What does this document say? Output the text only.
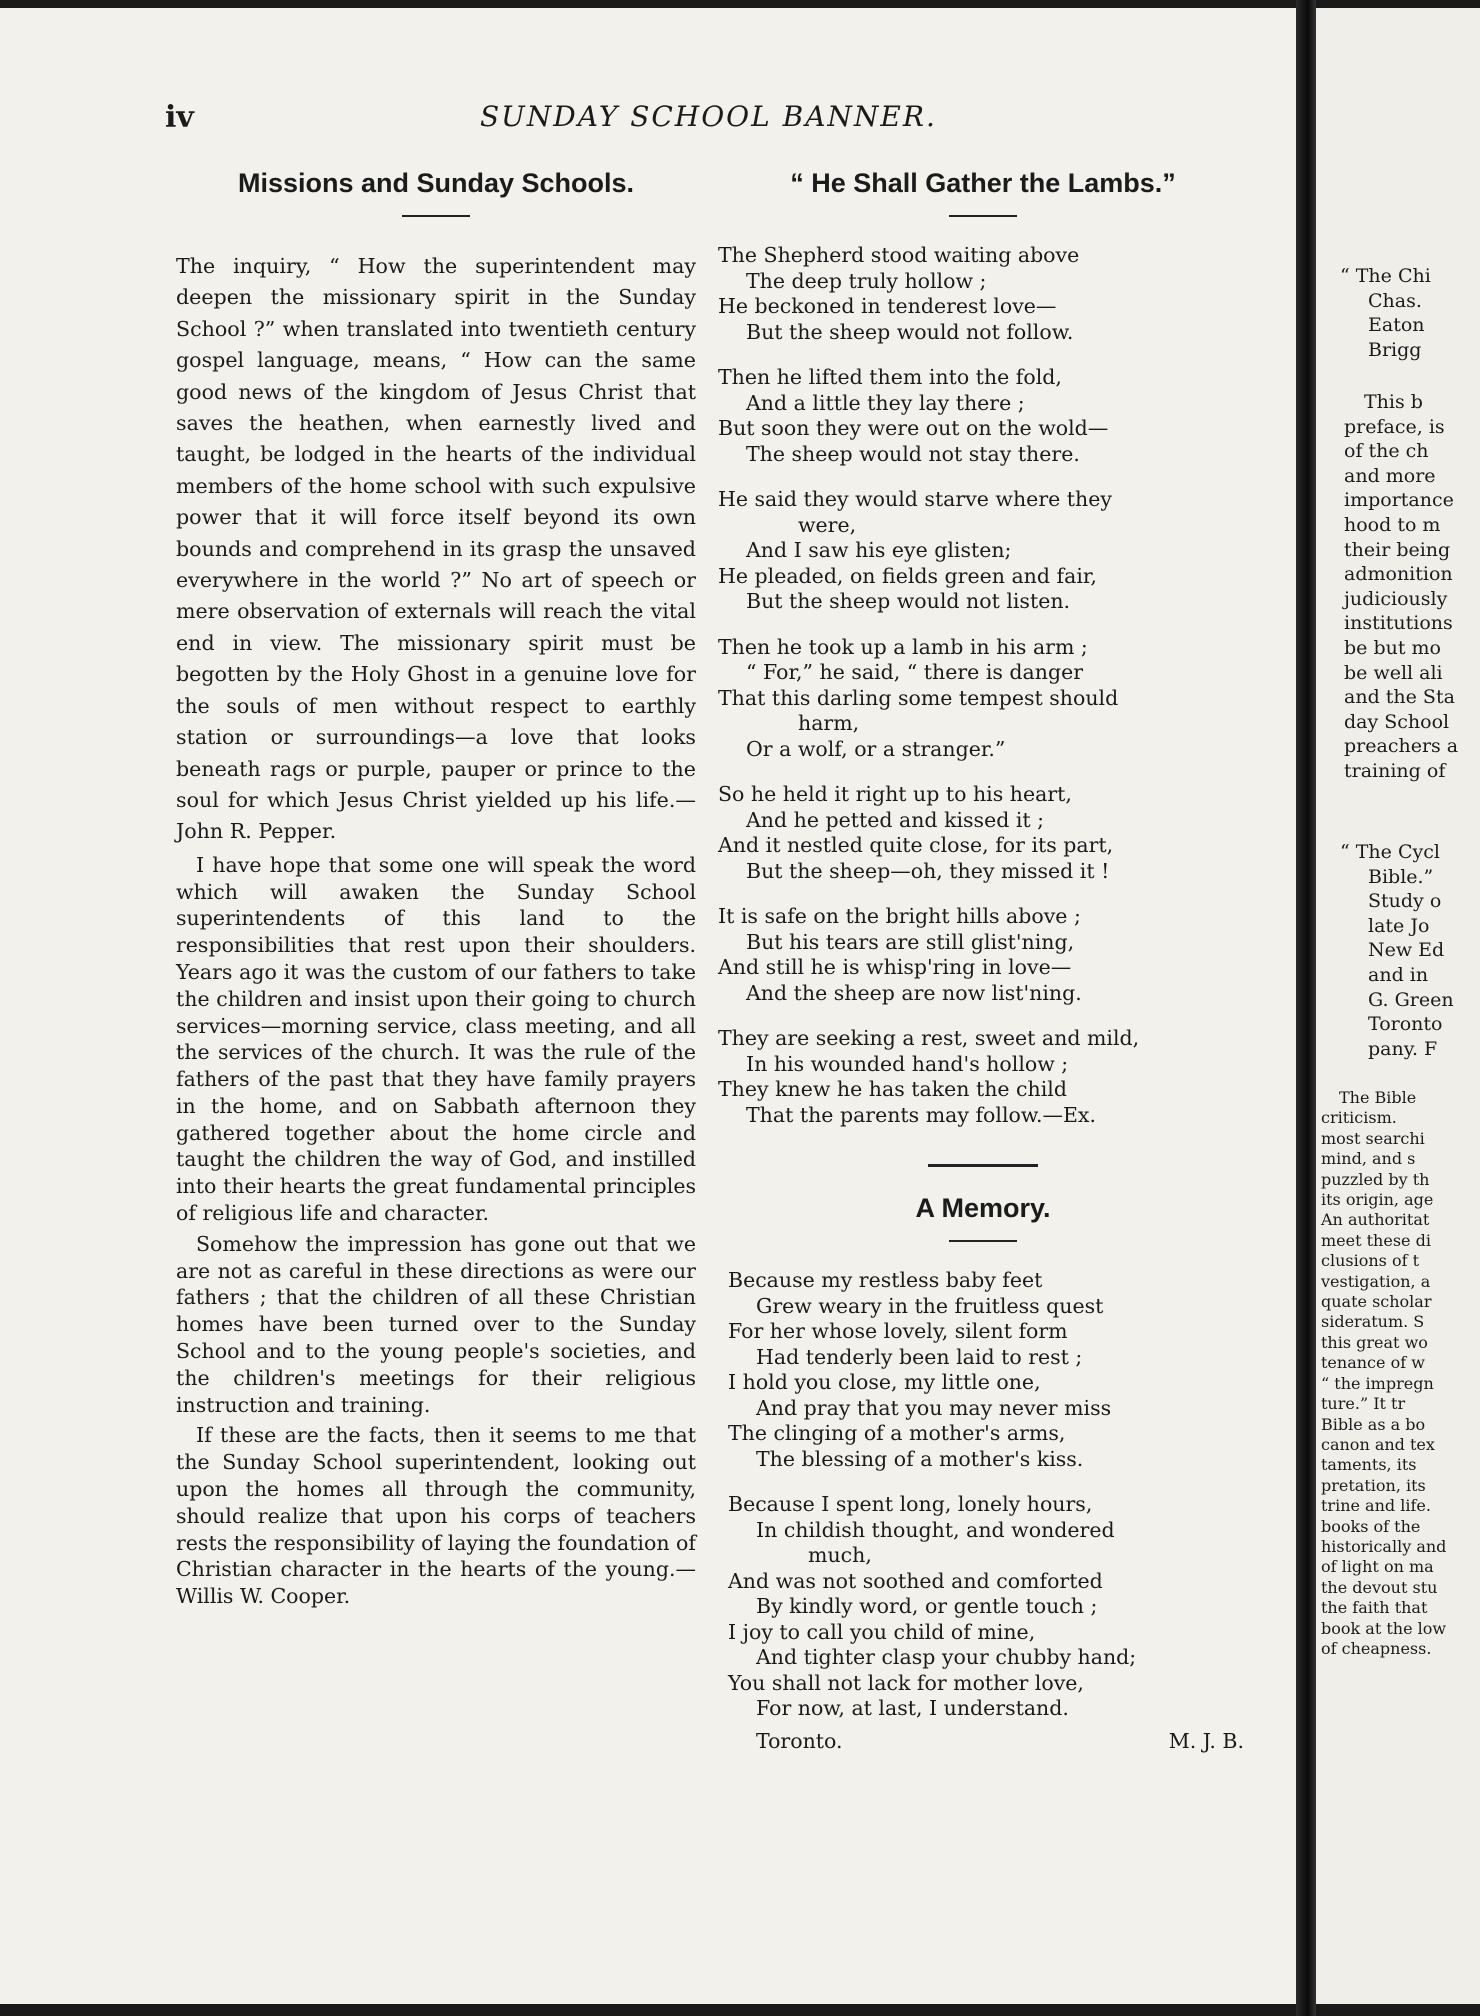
iv	SUNDAY SCHOOL BANNER.
Missions and Sunday Schools.

The inquiry, “ How the superintendent may deepen the missionary spirit in the Sunday School ?” when translated into twentieth century gospel language, means, “ How can the same good news of the kingdom of Jesus Christ that saves the heathen, when earnestly lived and taught, be lodged in the hearts of the individual members of the home school with such expulsive power that it will force itself beyond its own bounds and comprehend in its grasp the unsaved everywhere in the world ?” No art of speech or mere observation of externals will reach the vital end in view. The missionary spirit must be begotten by the Holy Ghost in a genuine love for the souls of men without respect to earthly station or surroundings—a love that looks beneath rags or purple, pauper or prince to the soul for which Jesus Christ yielded up his life.—John R. Pepper.

I have hope that some one will speak the word which will awaken the Sunday School superintendents of this land to the responsibilities that rest upon their shoulders. Years ago it was the custom of our fathers to take the children and insist upon their going to church services—morning service, class meeting, and all the services of the church. It was the rule of the fathers of the past that they have family prayers in the home, and on Sabbath afternoon they gathered together about the home circle and taught the children the way of God, and instilled into their hearts the great fundamental principles of religious life and character.

Somehow the impression has gone out that we are not as careful in these directions as were our fathers ; that the children of all these Christian homes have been turned over to the Sunday School and to the young people's societies, and the children's meetings for their religious instruction and training.

If these are the facts, then it seems to me that the Sunday School superintendent, looking out upon the homes all through the community, should realize that upon his corps of teachers rests the responsibility of laying the foundation of Christian character in the hearts of the young.—Willis W. Cooper.

“ He Shall Gather the Lambs.”
The Shepherd stood waiting above
The deep truly hollow ;
He beckoned in tenderest love—
But the sheep would not follow.
Then he lifted them into the fold,
And a little they lay there ;
But soon they were out on the wold—
The sheep would not stay there.
He said they would starve where they
were,
And I saw his eye glisten;
He pleaded, on fields green and fair,
But the sheep would not listen.
Then he took up a lamb in his arm ;
“ For,” he said, “ there is danger
That this darling some tempest should
harm,
Or a wolf, or a stranger.”
So he held it right up to his heart,
And he petted and kissed it ;
And it nestled quite close, for its part,
But the sheep—oh, they missed it !
It is safe on the bright hills above ;
But his tears are still glist'ning,
And still he is whisp'ring in love—
And the sheep are now list'ning.
They are seeking a rest, sweet and mild,
In his wounded hand's hollow ;
They knew he has taken the child
That the parents may follow.—Ex.
A Memory.
Because my restless baby feet
Grew weary in the fruitless quest
For her whose lovely, silent form
Had tenderly been laid to rest ;
I hold you close, my little one,
And pray that you may never miss
The clinging of a mother's arms,
The blessing of a mother's kiss.
Because I spent long, lonely hours,
In childish thought, and wondered
much,
And was not soothed and comforted
By kindly word, or gentle touch ;
I joy to call you child of mine,
And tighter clasp your chubby hand;
You shall not lack for mother love,
For now, at last, I understand.
Toronto.	M. J. B.
“ The Chi
Chas.
Eaton
Brigg
This b
preface, is
of the ch
and more
importance
hood to m
their being
admonition
judiciously
institutions
be but mo
be well ali
and the Sta
day School
preachers a
training of
“ The Cycl
Bible.”
Study o
late Jo
New Ed
and in
G. Green
Toronto
pany. F
The Bible
criticism.
most searchi
mind, and s
puzzled by th
its origin, age
An authoritat
meet these di
clusions of t
vestigation, a
quate scholar
sideratum. S
this great wo
tenance of w
“ the impregn
ture.” It tr
Bible as a bo
canon and tex
taments, its
pretation, its
trine and life.
books of the
historically and
of light on ma
the devout stu
the faith that
book at the low
of cheapness.
